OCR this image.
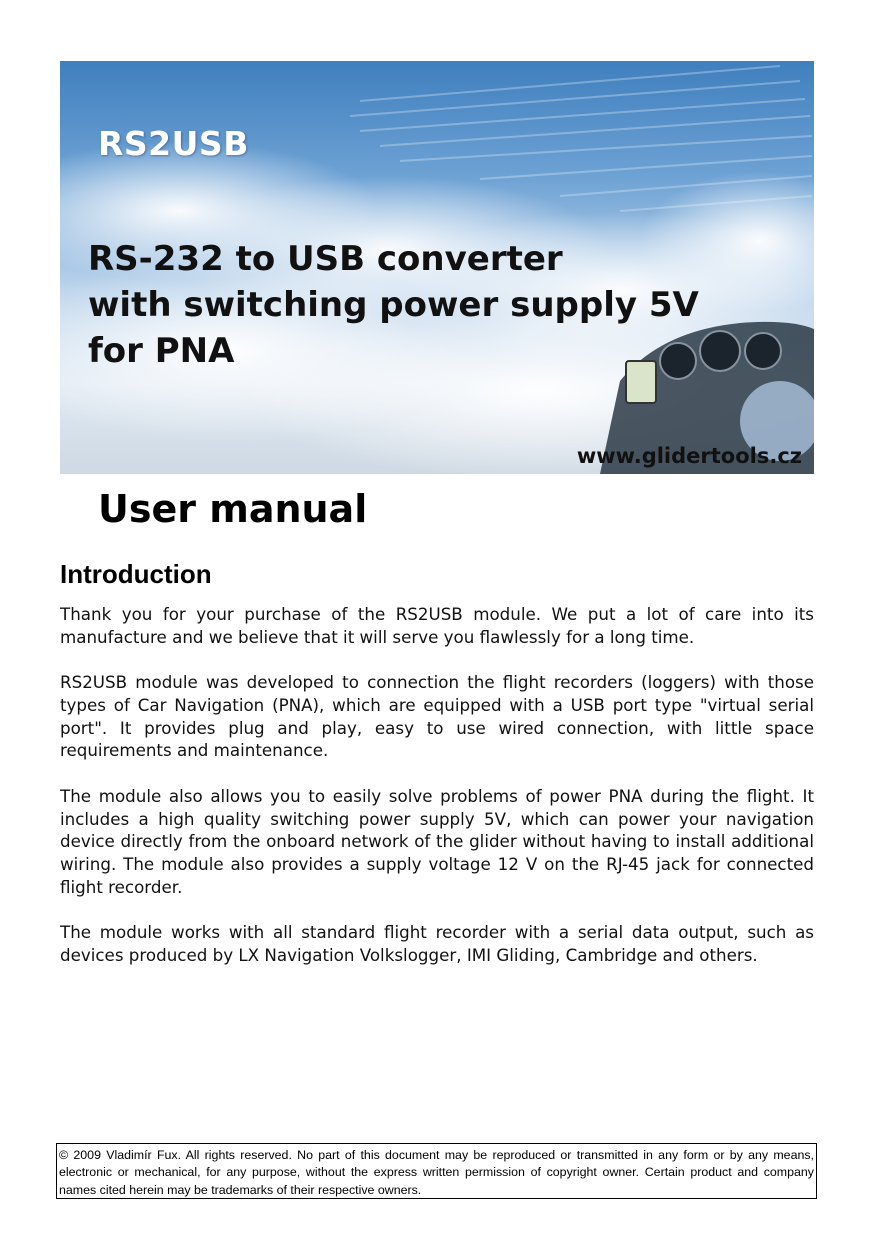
RS2USB
RS-232 to USB converter
with switching power supply 5V
for PNA
www.glidertools.cz
User manual
Introduction

Thank you for your purchase of the RS2USB module. We put a lot of care into its manufacture and we believe that it will serve you flawlessly for a long time.

RS2USB module was developed to connection the flight recorders (loggers) with those types of Car Navigation (PNA), which are equipped with a USB port type "virtual serial port". It provides plug and play, easy to use wired connection, with little space requirements and maintenance.

The module also allows you to easily solve problems of power PNA during the flight. It includes a high quality switching power supply 5V, which can power your navigation device directly from the onboard network of the glider without having to install additional wiring. The module also provides a supply voltage 12 V on the RJ-45 jack for connected flight recorder.

The module works with all standard flight recorder with a serial data output, such as devices produced by LX Navigation Volkslogger, IMI Gliding, Cambridge and others.

© 2009 Vladimír Fux. All rights reserved. No part of this document may be reproduced or transmitted in any form or by any means, electronic or mechanical, for any purpose, without the express written permission of copyright owner. Certain product and company names cited herein may be trademarks of their respective owners.
